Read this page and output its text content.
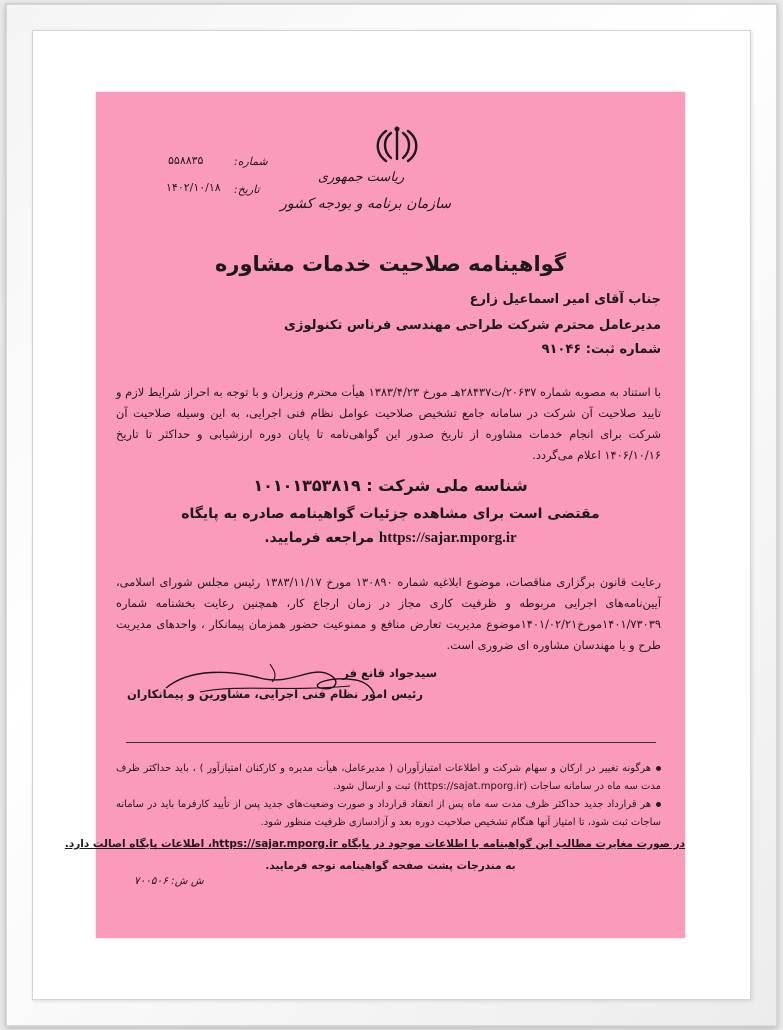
ریاست جمهوری
سازمان برنامه و بودجه کشور
شماره:
۵۵۸۸۳۵
تاریخ:
۱۴۰۲/۱۰/۱۸
گواهینامه صلاحیت خدمات مشاوره
جناب آقای امیر اسماعیل زارع
مدیرعامل محترم شرکت طراحی مهندسی فرناس تکنولوژی
شماره ثبت: ۹۱۰۴۶
با استناد به مصوبه شماره ۲۰۶۳۷/ت۲۸۴۳۷هـ مورخ ۱۳۸۳/۴/۲۳ هیأت محترم وزیران و با توجه به احراز شرایط لازم و تایید صلاحیت آن شرکت در سامانه جامع تشخیص صلاحیت عوامل نظام فنی اجرایی، به این وسیله صلاحیت آن شرکت برای انجام خدمات مشاوره از تاریخ صدور این گواهی‌نامه تا پایان دوره ارزشیابی و حداکثر تا تاریخ ۱۴۰۶/۱۰/۱۶ اعلام می‌گردد.
شناسه ملی شرکت : ۱۰۱۰۱۳۵۳۸۱۹
مقتضی است برای مشاهده جزئیات گواهینامه صادره به پایگاه
https://sajar.mporg.ir مراجعه فرمایید.
رعایت قانون برگزاری مناقصات، موضوع ابلاغیه شماره ۱۳۰۸۹۰ مورخ ۱۳۸۳/۱۱/۱۷ رئیس مجلس شورای اسلامی، آیین‌نامه‌های اجرایی مربوطه و ظرفیت کاری مجاز در زمان ارجاع کار، همچنین رعایت بخشنامه شماره ۱۴۰۱/۷۳۰۳۹مورخ۱۴۰۱/۰۲/۲۱موضوع مدیریت تعارض منافع و ممنوعیت حضور همزمان پیمانکار ، واحدهای مدیریت طرح و یا مهندسان مشاوره ای ضروری است.
سیدجواد قانع فر
رئیس امور نظام فنی اجرایی، مشاورین و پیمانکاران
هرگونه تغییر در ارکان و سهام شرکت و اطلاعات امتیازآوران ( مدیرعامل، هیأت مدیره و کارکنان امتیازآور ) ، باید حداکثر ظرف مدت سه ماه در سامانه ساجات (https://sajat.mporg.ir) ثبت و ارسال شود.
هر قرارداد جدید حداکثر ظرف مدت سه ماه پس از انعقاد قرارداد و صورت وضعیت‌های جدید پس از تأیید کارفرما باید در سامانه ساجات ثبت شود، تا امتیاز آنها هنگام تشخیص صلاحیت دوره بعد و آزادسازی ظرفیت منظور شود.
در صورت مغایرت مطالب این گواهینامه با اطلاعات موجود در پایگاه https://sajar.mporg.ir، اطلاعات پایگاه اصالت دارد.
به مندرجات پشت صفحه گواهینامه توجه فرمایید.
ش ش: ۷۰۰۵۰۶
